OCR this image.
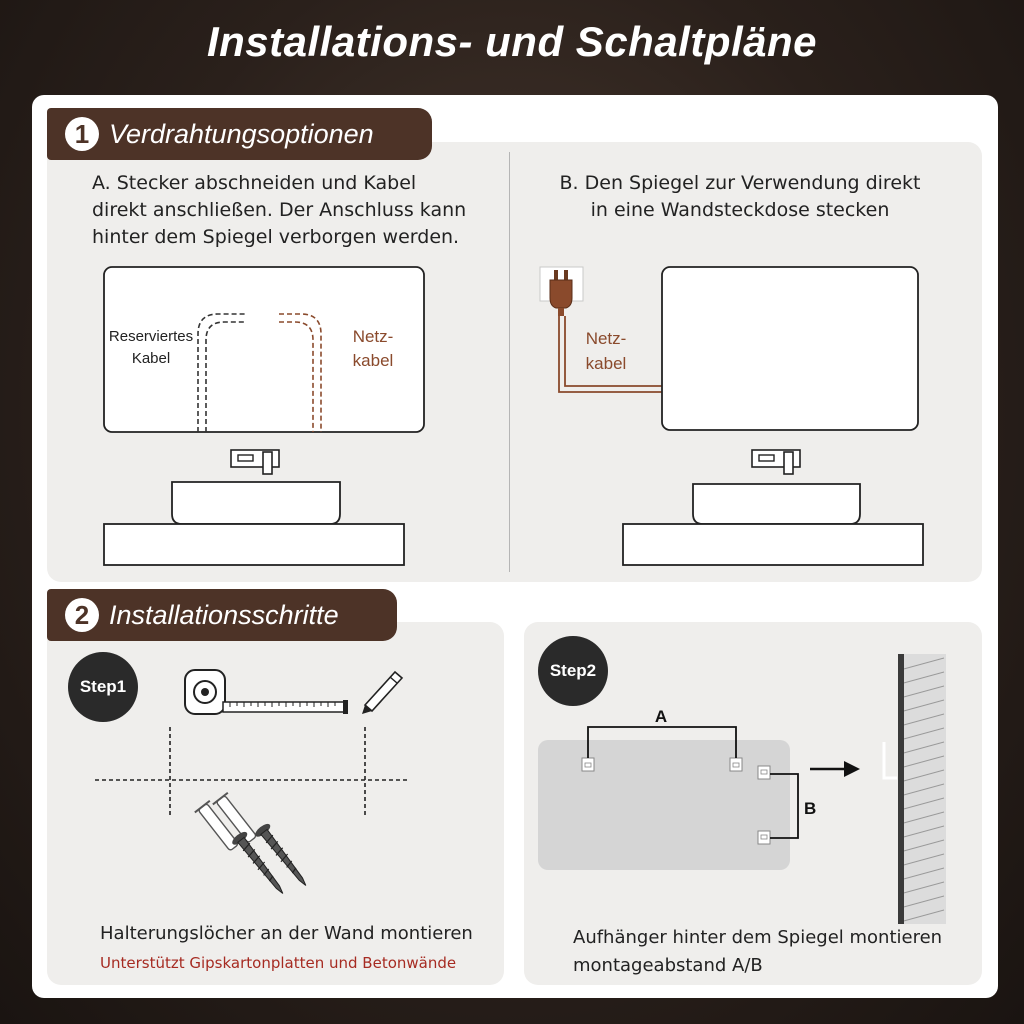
Installations- und Schaltpläne
1 Verdrahtungsoptionen
A. Stecker abschneiden und Kabel
direkt anschließen. Der Anschluss kann
hinter dem Spiegel verborgen werden.
B. Den Spiegel zur Verwendung direkt
in eine Wandsteckdose stecken
Reserviertes
Kabel
Netz-
kabel
Netz-
kabel
2 Installationsschritte
Step1
Halterungslöcher an der Wand montieren
Unterstützt Gipskartonplatten und Betonwände
Step2
A
B
Aufhänger hinter dem Spiegel montieren
montageabstand A/B
